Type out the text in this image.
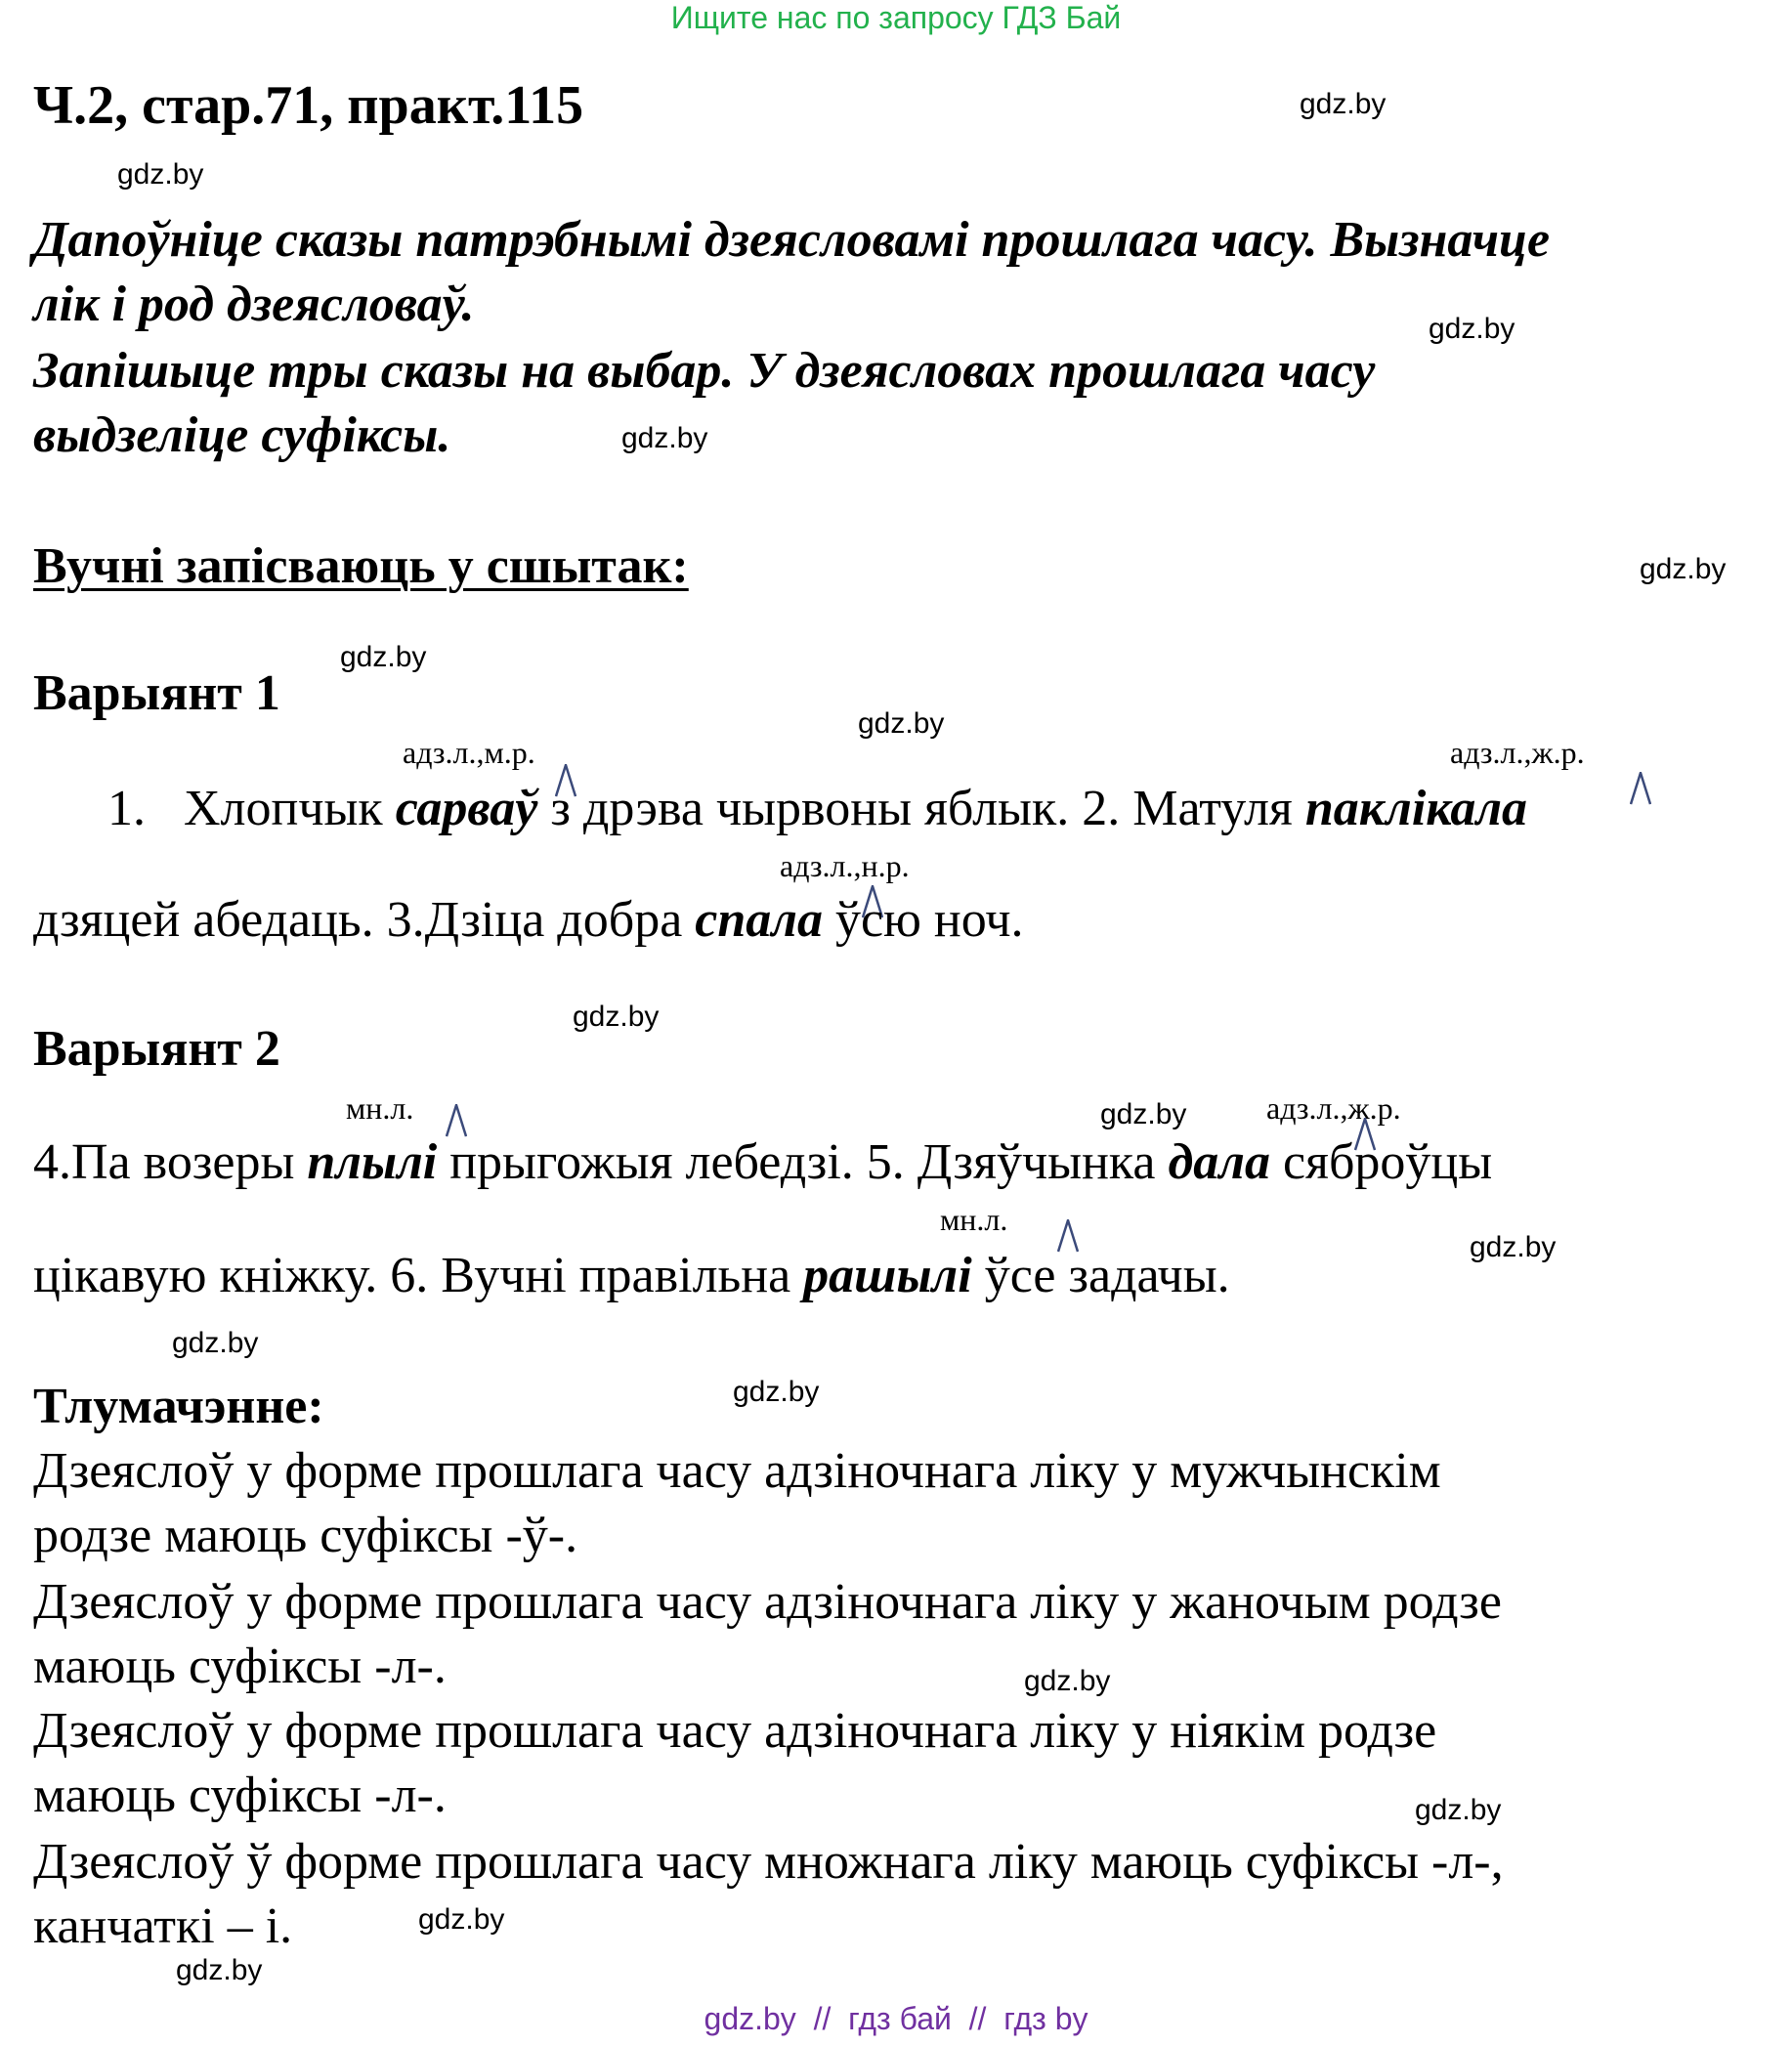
Ищите нас по запросу ГДЗ Бай
Ч.2, стар.71, практ.115	gdz.by
gdz.by
gdz.by
gdz.by
gdz.by
gdz.by
gdz.by
gdz.by
gdz.by
gdz.by
gdz.by
gdz.by
gdz.by
gdz.by
gdz.by
gdz.by
Дапоўніце сказы патрэбнымі дзеясловамі прошлага часу. Вызначце
лік і род дзеясловаў.
Запішыце тры сказы на выбар. У дзеясловах прошлага часу
выдзеліце суфіксы.
Вучні запісваюць у сшытак:
Варыянт 1
адз.л.,м.р.	адз.л.,ж.р.
адз.л.,н.р.
1. Хлопчык сарваў з дрэва чырвоны яблык. 2. Матуля паклікала
дзяцей абедаць. 3.Дзіца добра спала ўсю ноч.
Варыянт 2
мн.л.	адз.л.,ж.р.
мн.л.
4.Па возеры плылі прыгожыя лебедзі. 5. Дзяўчынка дала сяброўцы
цікавую кніжку. 6. Вучні правільна рашылі ўсе задачы.
Тлумачэнне:
Дзеяслоў у форме прошлага часу адзіночнага ліку у мужчынскім
родзе маюць суфіксы -ў-.
Дзеяслоў у форме прошлага часу адзіночнага ліку у жаночым родзе
маюць суфіксы -л-.
Дзеяслоў у форме прошлага часу адзіночнага ліку у ніякім родзе
маюць суфіксы -л-.
Дзеяслоў ў форме прошлага часу множнага ліку маюць суфіксы -л-,
канчаткі – і.
gdz.by  //  гдз бай  //  гдз by
